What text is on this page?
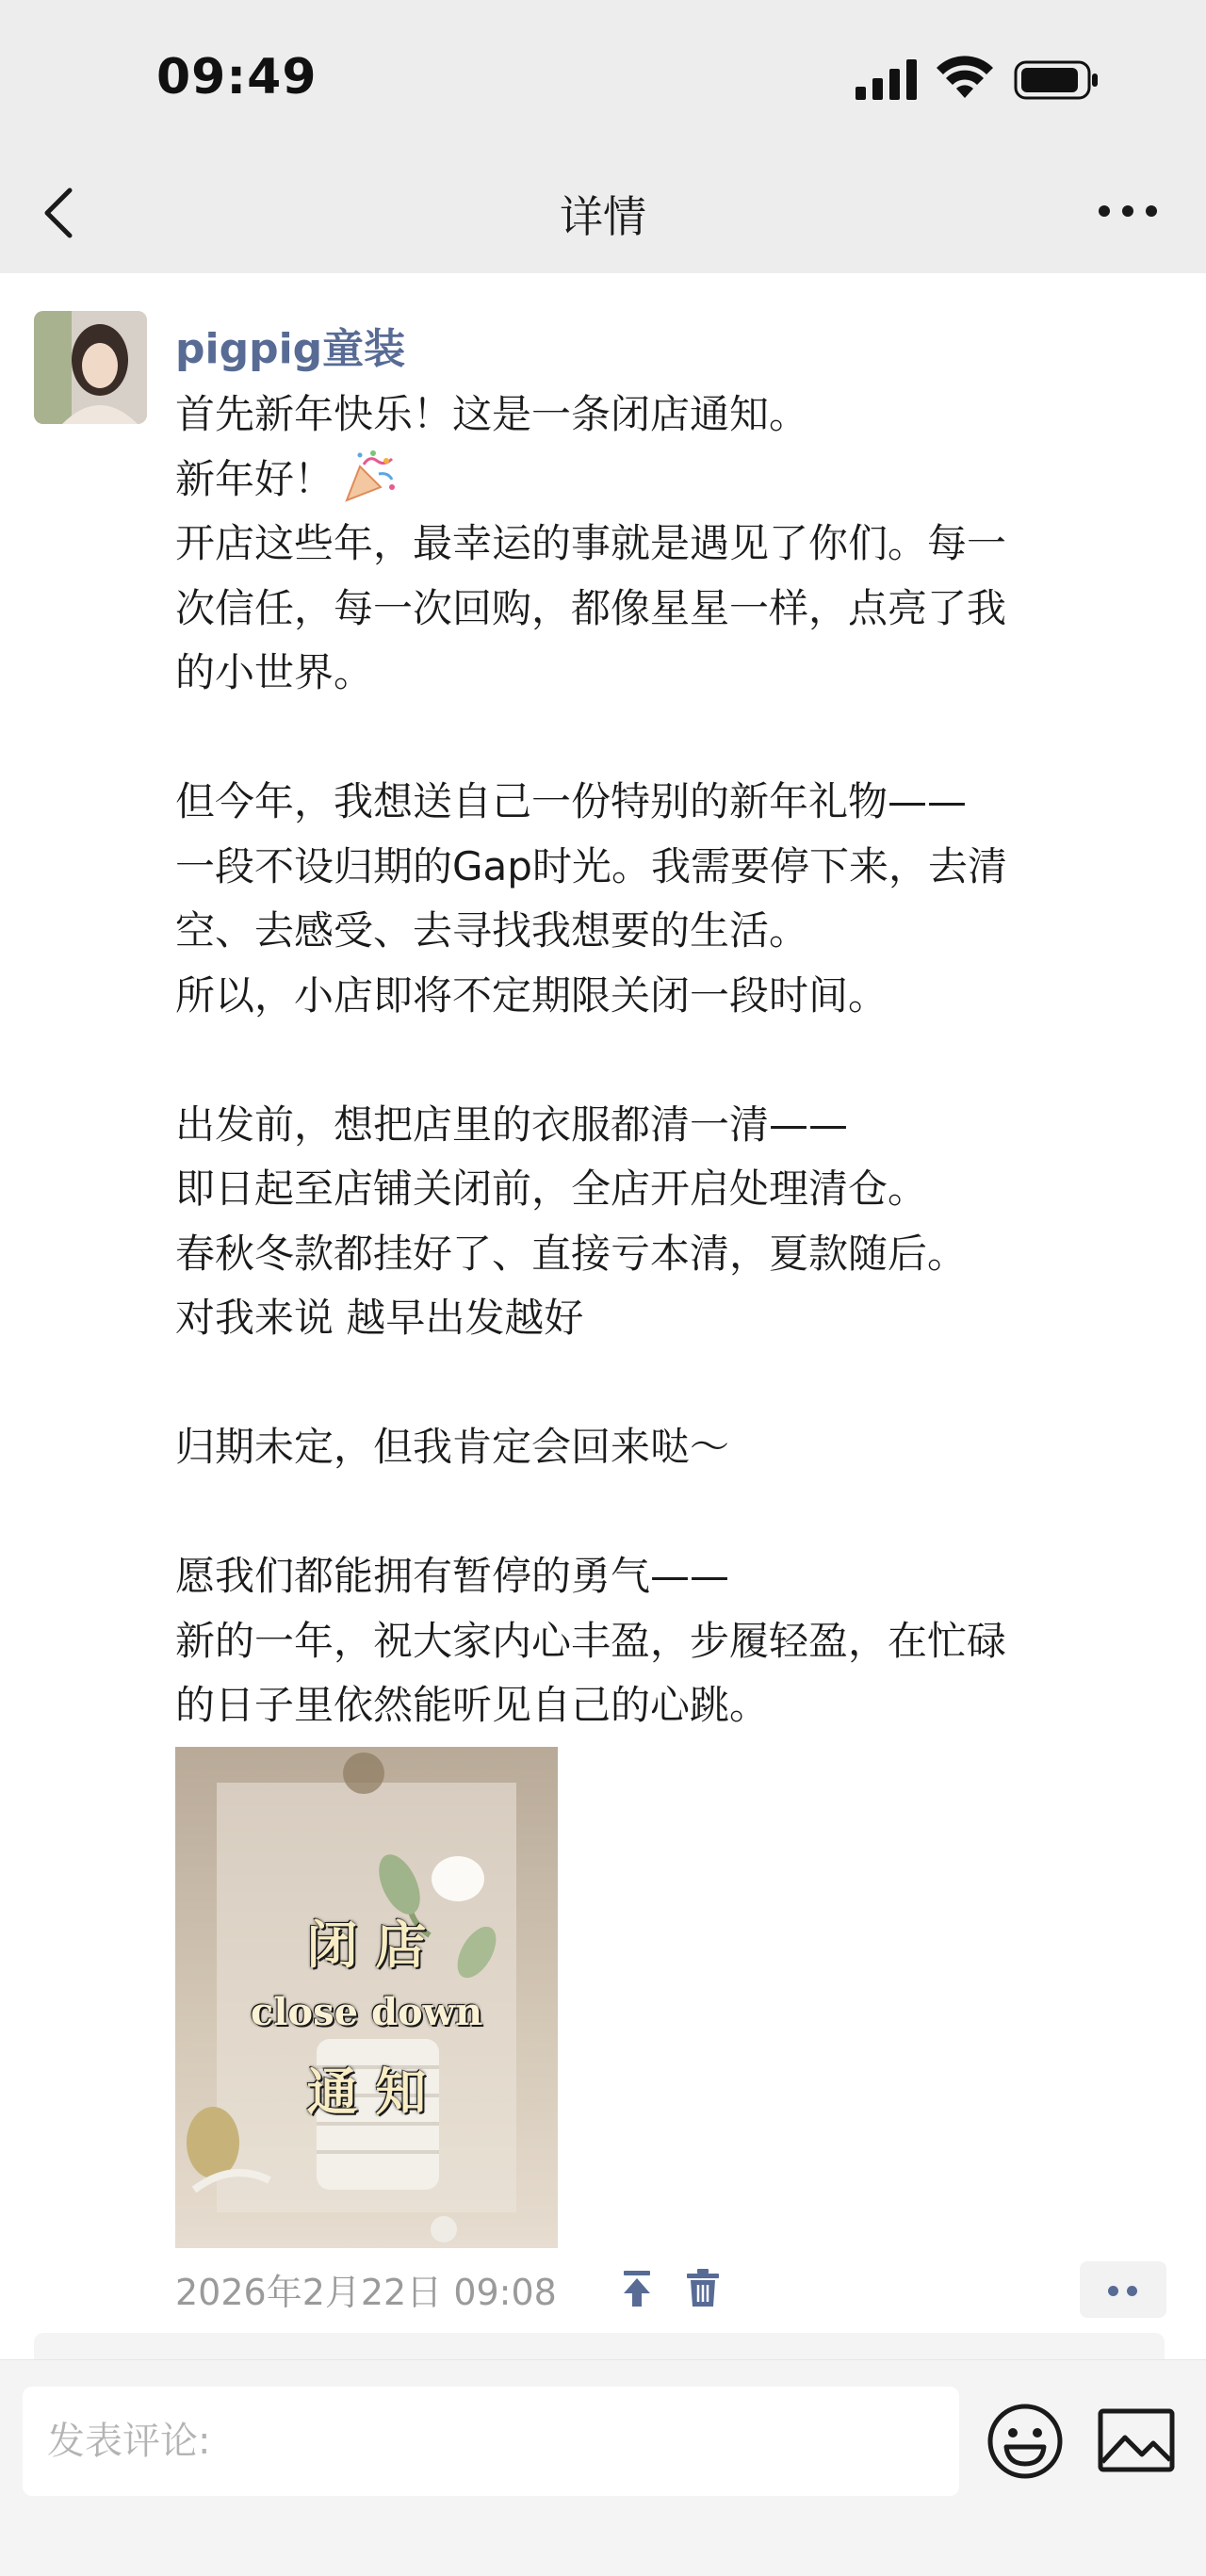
09:49
详情
pigpig童装
首先新年快乐！这是一条闭店通知。
新年好！
开店这些年，最幸运的事就是遇见了你们。每一
次信任，每一次回购，都像星星一样，点亮了我
的小世界。

但今年，我想送自己一份特别的新年礼物——
一段不设归期的Gap时光。我需要停下来，去清
空、去感受、去寻找我想要的生活。
所以，小店即将不定期限关闭一段时间。

出发前，想把店里的衣服都清一清——
即日起至店铺关闭前，全店开启处理清仓。
春秋冬款都挂好了、直接亏本清，夏款随后。
对我来说 越早出发越好

归期未定，但我肯定会回来哒～

愿我们都能拥有暂停的勇气——
新的一年，祝大家内心丰盈，步履轻盈，在忙碌
的日子里依然能听见自己的心跳。
闭 店
close down
通 知
2026年2月22日 09:08
发表评论:
